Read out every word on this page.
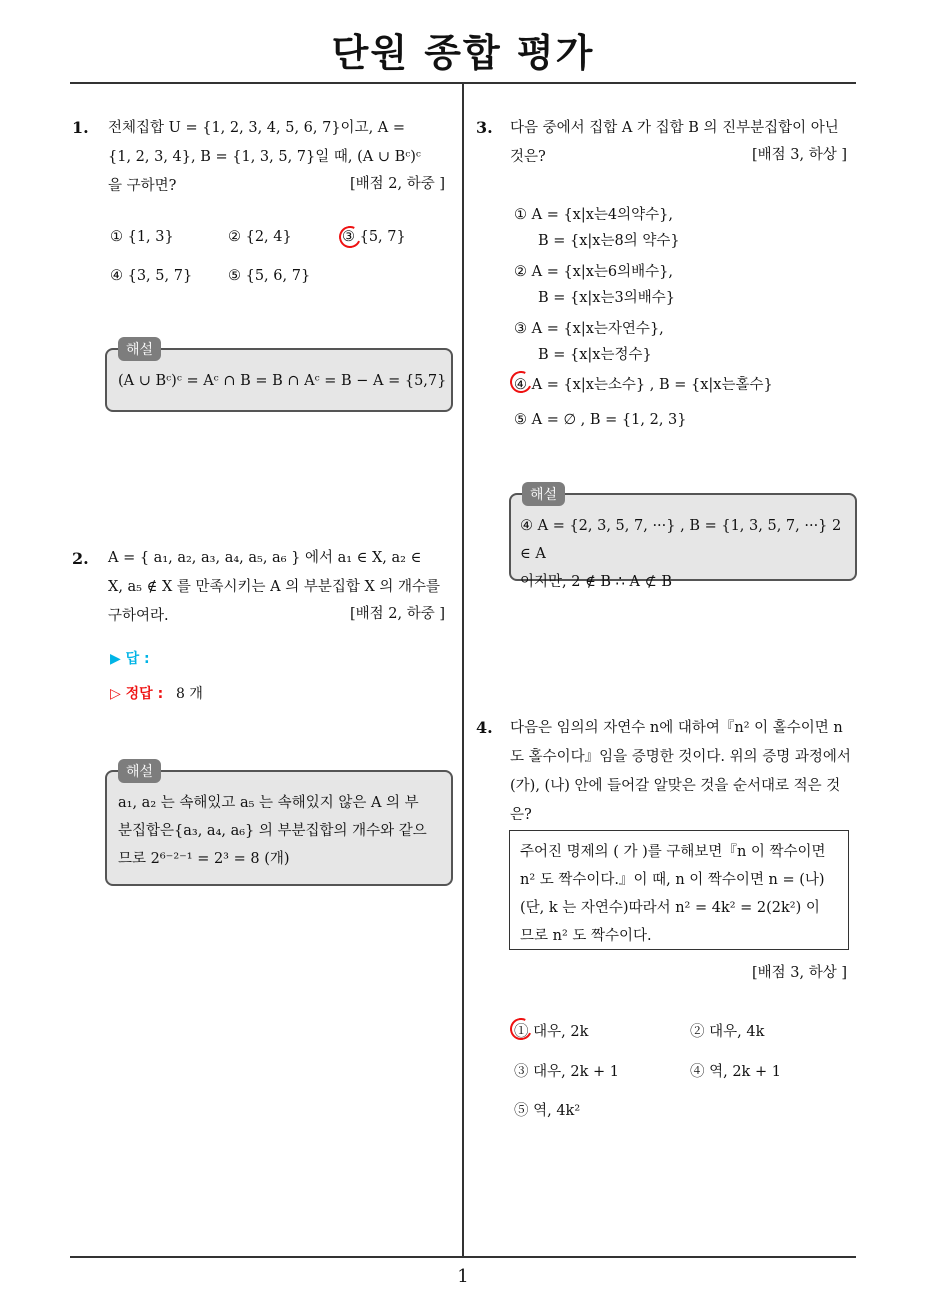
단원 종합 평가
1. 전체집합 U = {1, 2, 3, 4, 5, 6, 7}이고, A =
{1, 2, 3, 4}, B = {1, 3, 5, 7}일 때, (A ∪ Bᶜ)ᶜ
을 구하면?	[배점 2, 하중 ]
① {1, 3}	② {2, 4}	③ {5, 7}
④ {3, 5, 7} ⑤ {5, 6, 7}
해설
(A ∪ Bᶜ)ᶜ = Aᶜ ∩ B = B ∩ Aᶜ = B − A = {5,7}
2. A = { a₁, a₂, a₃, a₄, a₅, a₆ } 에서 a₁ ∈ X, a₂ ∈
X, a₅ ∉ X 를 만족시키는 A 의 부분집합 X 의 개수를
구하여라.	[배점 2, 하중 ]
▶ 답 :
▷ 정답 : 8 개
해설
a₁, a₂ 는 속해있고 a₅ 는 속해있지 않은 A 의 부
분집합은{a₃, a₄, a₆} 의 부분집합의 개수와 같으
므로 2⁶⁻²⁻¹ = 2³ = 8 (개)
3. 다음 중에서 집합 A 가 집합 B 의 진부분집합이 아닌
것은?	[배점 3, 하상 ]
① A = {x|x는4의약수},
B = {x|x는8의 약수}
② A = {x|x는6의배수},
B = {x|x는3의배수}
③ A = {x|x는자연수},
B = {x|x는정수}
④ A = {x|x는소수} , B = {x|x는홀수}
⑤ A = ∅ , B = {1, 2, 3}
해설
④ A = {2, 3, 5, 7, ···} , B = {1, 3, 5, 7, ···} 2 ∈ A
이지만, 2 ∉ B ∴ A ⊄ B
4. 다음은 임의의 자연수 n에 대하여『n² 이 홀수이면 n
도 홀수이다』임을 증명한 것이다. 위의 증명 과정에서
(가), (나) 안에 들어갈 알맞은 것을 순서대로 적은 것
은?
주어진 명제의 ( 가 )를 구해보면『n 이 짝수이면
n² 도 짝수이다.』이 때, n 이 짝수이면 n = (나)
(단, k 는 자연수)따라서 n² = 4k² = 2(2k²) 이
므로 n² 도 짝수이다.
[배점 3, 하상 ]
① 대우, 2k	② 대우, 4k
③ 대우, 2k + 1	④ 역, 2k + 1
⑤ 역, 4k²
1
